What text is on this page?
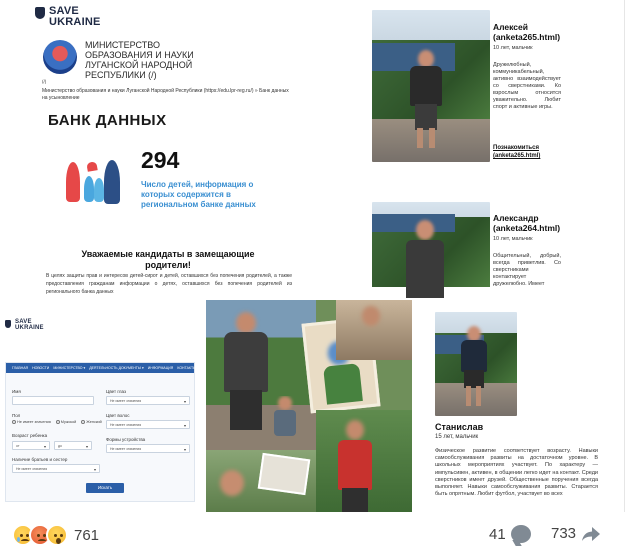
SAVE
UKRAINE
МИНИСТЕРСТВО
ОБРАЗОВАНИЯ И НАУКИ
ЛУГАНСКОЙ НАРОДНОЙ
РЕСПУБЛИКИ (/)
(/)
Министерство образования и науки Луганской Народной Республики (https://edu.lpr-reg.ru/) » Банк данных на усыновление
БАНК ДАННЫХ
294
Число детей, информация о которых содержится в региональном банке данных
Уважаемые кандидаты в замещающие родители!
В целях защиты прав и интересов детей-сирот и детей, оставшихся без попечения родителей, а также предоставления гражданам информации о детях, оставшихся без попечения родителей из регионального банка данных
Алексей (anketa265.html)
10 лет, мальчик
Дружелюбный, коммуникабельный, активно взаимодействует со сверстниками. Ко взрослым относится уважительно. Любит спорт и активные игры.
Познакомиться (anketa265.html)
Александр (anketa264.html)
10 лет, мальчик
Общительный, добрый, всегда приветлив. Со сверстниками контактирует дружелюбно. Имеет
SAVE
UKRAINE
ГЛАВНАЯ НОВОСТИ МИНИСТЕРСТВО ▾ ДЕЯТЕЛЬНОСТЬ ДОКУМЕНТЫ ▾ ИНФОРМАЦИЯ КОНТАКТЫ
Имя
Пол
Не имеет значения	Мужской	Женский
Возраст ребенка
от	▾	до	▾
Наличие братьев и сестер
Не имеет значения	▾
Цвет глаз
Не имеет значения	▾
Цвет волос
Не имеет значения	▾
Формы устройства
Не имеет значения	▾
Искать
Станислав
15 лет, мальчик
Физическое развитие соответствует возрасту. Навыки самообслуживания развиты на достаточном уровне. В школьных мероприятиях участвует. По характеру — импульсивен, активен, в общении легко идет на контакт. Среди сверстников имеет друзей. Общественные поручения всегда выполняет. Навыки самообслуживания развиты. Старается быть опрятным. Любит футбол, участвует во всех
761	41	733
